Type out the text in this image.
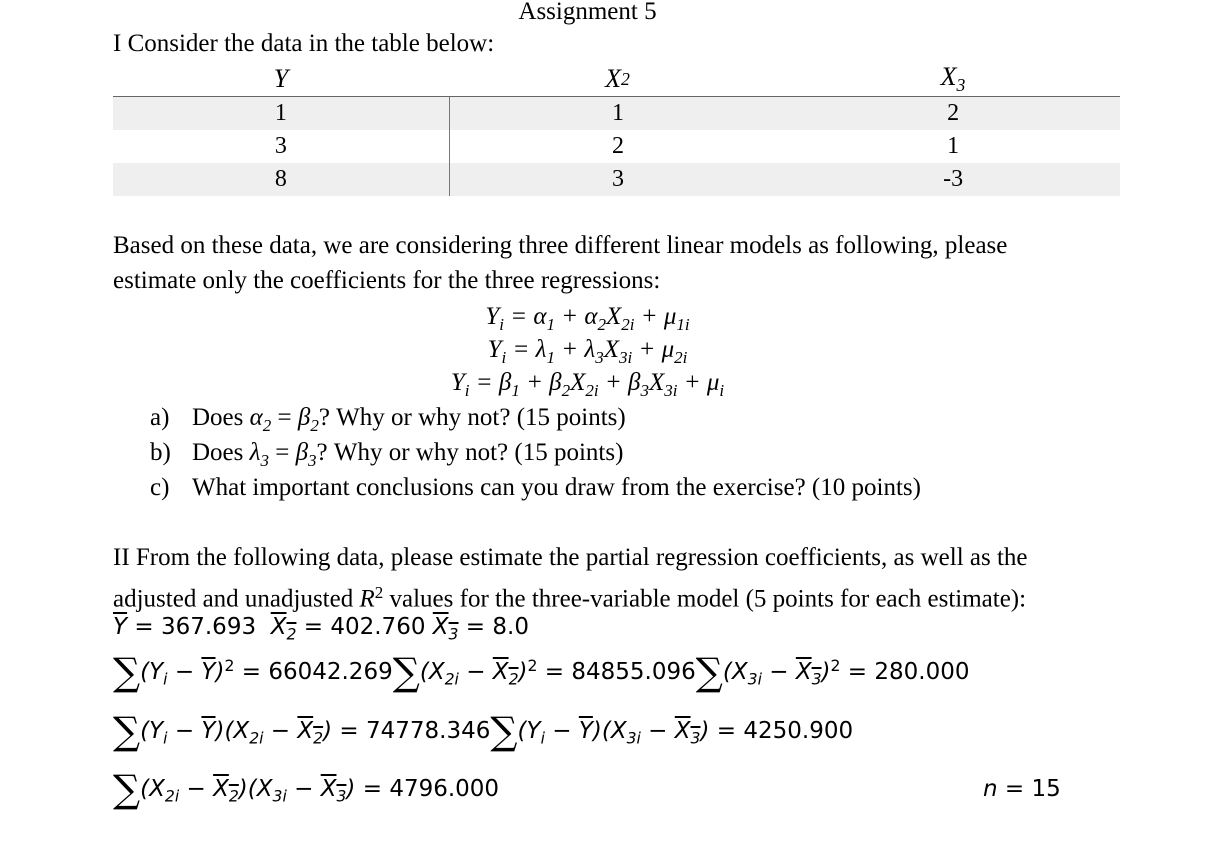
Assignment 5
I Consider the data in the table below:
Y	X 2	$X_3$
1	1	2
3	2	1
8	3	-3
Based on these data, we are considering three different linear models as following, please
estimate only the coefficients for the three regressions:
$Y_i = \alpha_1 + \alpha_2X_{2i} + \mu_{1i}$
$Y_i = \lambda_1 + \lambda_3X_{3i} + \mu_{2i}$
$Y_i = \beta_1 + \beta_2X_{2i} + \beta_3X_{3i} + \mu_i$
a) Does $\alpha_2 = \beta_2$? Why or why not? (15 points)
b) Does $\lambda_3 = \beta_3$? Why or why not? (15 points)
c) What important conclusions can you draw from the exercise? (10 points)
II From the following data, please estimate the partial regression coefficients, as well as the
adjusted and unadjusted $R^2$ values for the three-variable model (5 points for each estimate):
$\overline{Y} = 367.693$ $X_2 = 402.760$ $X_3 = 8.0$
$\sum(Y_i - \overline{Y})^2 = 66042.269\sum(X_{2i} - X_2)^2 = 84855.096\sum(X_{3i} - X_3)^2 = 280.000$
$\sum(Y_i - \overline{Y})(X_{2i} - X_2) = 74778.346\sum(Y_i - \overline{Y})(X_{3i} - X_3) = 4250.900$
$\sum(X_{2i} - X_2)(X_{3i} - X_3) = 4796.000$	n = 15
